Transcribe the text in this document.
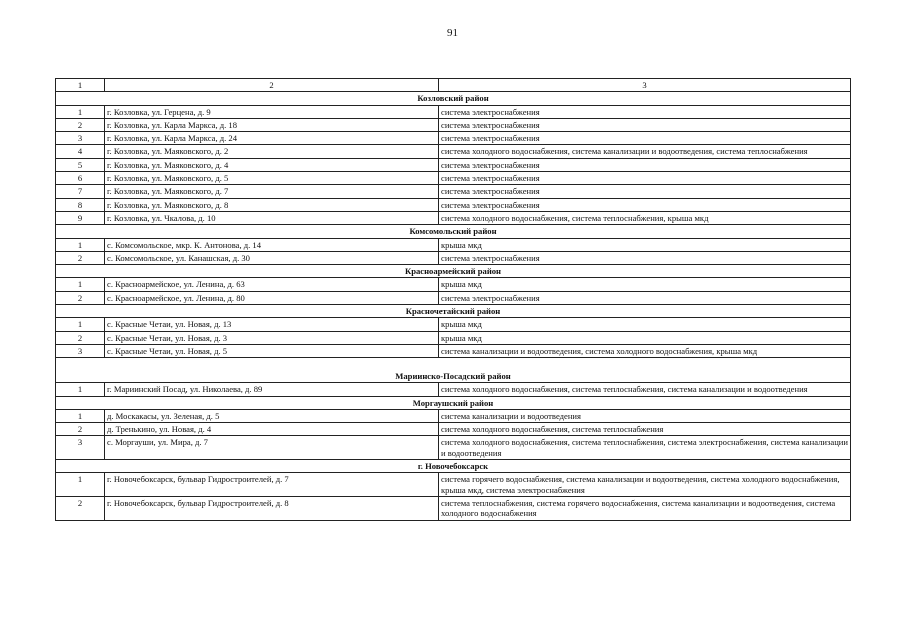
91
1	2	3
Козловский район		
1	г. Козловка, ул. Герцена, д. 9	система электроснабжения
2	г. Козловка, ул. Карла Маркса, д. 18	система электроснабжения
3	г. Козловка, ул. Карла Маркса, д. 24	система электроснабжения
4	г. Козловка, ул. Маяковского, д. 2	система холодного водоснабжения, система канализации и водоотведения, система теплоснабжения
5	г. Козловка, ул. Маяковского, д. 4	система электроснабжения
6	г. Козловка, ул. Маяковского, д. 5	система электроснабжения
7	г. Козловка, ул. Маяковского, д. 7	система электроснабжения
8	г. Козловка, ул. Маяковского, д. 8	система электроснабжения
9	г. Козловка, ул. Чкалова, д. 10	система холодного водоснабжения, система теплоснабжения, крыша мкд
Комсомольский район		
1	с. Комсомольское, мкр. К. Антонова, д. 14	крыша мкд
2	с. Комсомольское, ул. Канашская, д. 30	система электроснабжения
Красноармейский район		
1	с. Красноармейское, ул. Ленина, д. 63	крыша мкд
2	с. Красноармейское, ул. Ленина, д. 80	система электроснабжения
Красночетайский район		
1	с. Красные Четаи, ул. Новая, д. 13	крыша мкд
2	с. Красные Четаи, ул. Новая, д. 3	крыша мкд
3	с. Красные Четаи, ул. Новая, д. 5	система канализации и водоотведения, система холодного водоснабжения, крыша мкд
Мариинско-Посадский район		
1	г. Мариинский Посад, ул. Николаева, д. 89	система холодного водоснабжения, система теплоснабжения, система канализации и водоотведения
Моргаушский район		
1	д. Москакасы, ул. Зеленая, д. 5	система канализации и водоотведения
2	д. Тренькино, ул. Новая, д. 4	система холодного водоснабжения, система теплоснабжения
3	с. Моргауши, ул. Мира, д. 7	система холодного водоснабжения, система теплоснабжения, система электроснабжения, система канализации и водоотведения
г. Новочебоксарск		
1	г. Новочебоксарск, бульвар Гидростроителей, д. 7	система горячего водоснабжения, система канализации и водоотведения, система холодного водоснабжения, крыша мкд, система электроснабжения
2	г. Новочебоксарск, бульвар Гидростроителей, д. 8	система теплоснабжения, система горячего водоснабжения, система канализации и водоотведения, система холодного водоснабжения
